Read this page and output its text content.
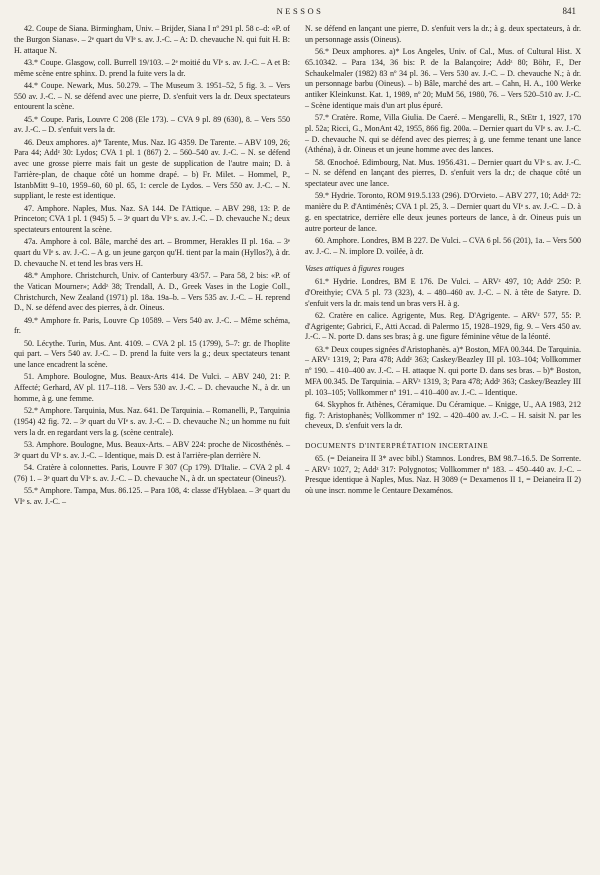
NESSOS	841

42. Coupe de Siana. Birmingham, Univ. – Brijder, Siana I nº 291 pl. 58 c–d: «P. of the Burgon Sianas». – 2ᵉ quart du VIᵉ s. av. J.-C. – A: D. chevauche N. qui fuit H. B: H. attaque N.

43.* Coupe. Glasgow, coll. Burrell 19/103. – 2ᵉ moitié du VIᵉ s. av. J.-C. – A et B: même scène entre sphinx. D. prend la fuite vers la dr.

44.* Coupe. Newark, Mus. 50.279. – The Museum 3. 1951–52, 5 fig. 3. – Vers 550 av. J.-C. – N. se défend avec une pierre, D. s'enfuit vers la dr. Deux spectateurs entourent la scène.

45.* Coupe. Paris, Louvre C 208 (Ele 173). – CVA 9 pl. 89 (630), 8. – Vers 550 av. J.-C. – D. s'enfuit vers la dr.

46. Deux amphores. a)* Tarente, Mus. Naz. IG 4359. De Tarente. – ABV 109, 26; Para 44; Addᶻ 30: Lydos; CVA 1 pl. 1 (867) 2. – 560–540 av. J.-C. – N. se défend avec une grosse pierre mais fait un geste de supplication de l'autre main; D. à l'arrière-plan, de chaque côté un homme drapé. – b) Fr. Milet. – Hommel, P., IstanbMitt 9–10, 1959–60, 60 pl. 65, 1: cercle de Lydos. – Vers 550 av. J.-C. – N. suppliant, le reste est identique.

47. Amphore. Naples, Mus. Naz. SA 144. De l'Attique. – ABV 298, 13: P. de Princeton; CVA 1 pl. 1 (945) 5. – 3ᵉ quart du VIᵉ s. av. J.-C. – D. chevauche N.; deux spectateurs entourent la scène.

47a. Amphore à col. Bâle, marché des art. – Brommer, Herakles II pl. 16a. – 3ᵉ quart du VIᵉ s. av. J.-C. – A g. un jeune garçon qu'H. tient par la main (Hyllos?), à dr. D. chevauche N. et tend les bras vers H.

48.* Amphore. Christchurch, Univ. of Canterbury 43/57. – Para 58, 2 bis: «P. of the Vatican Mourner»; Addᶻ 38; Trendall, A. D., Greek Vases in the Logie Coll., Christchurch, New Zealand (1971) pl. 18a. 19a–b. – Vers 535 av. J.-C. – H. reprend D., N. se défend avec des pierres, à dr. Oineus.

49.* Amphore fr. Paris, Louvre Cp 10589. – Vers 540 av. J.-C. – Même schéma, fr.

50. Lécythe. Turin, Mus. Ant. 4109. – CVA 2 pl. 15 (1799), 5–7: gr. de l'hoplite qui part. – Vers 540 av. J.-C. – D. prend la fuite vers la g.; deux spectateurs tenant une lance encadrent la scène.

51. Amphore. Boulogne, Mus. Beaux-Arts 414. De Vulci. – ABV 240, 21: P. Affecté; Gerhard, AV pl. 117–118. – Vers 530 av. J.-C. – D. chevauche N., à dr. un homme, à g. une femme.

52.* Amphore. Tarquinia, Mus. Naz. 641. De Tarquinia. – Romanelli, P., Tarquinia (1954) 42 fig. 72. – 3ᵉ quart du VIᵉ s. av. J.-C. – D. chevauche N.; un homme nu fuit vers la dr. en regardant vers la g. (scène centrale).

53. Amphore. Boulogne, Mus. Beaux-Arts. – ABV 224: proche de Nicosthénès. – 3ᵉ quart du VIᵉ s. av. J.-C. – Identique, mais D. est à l'arrière-plan derrière N.

54. Cratère à colonnettes. Paris, Louvre F 307 (Cp 179). D'Italie. – CVA 2 pl. 4 (76) 1. – 3ᵉ quart du VIᵉ s. av. J.-C. – D. chevauche N., à dr. un spectateur (Oineus?).

55.* Amphore. Tampa, Mus. 86.125. – Para 108, 4: classe d'Hyblaea. – 3ᵉ quart du VIᵉ s. av. J.-C. –

N. se défend en lançant une pierre, D. s'enfuit vers la dr.; à g. deux spectateurs, à dr. un personnage assis (Oineus).

56.* Deux amphores. a)* Los Angeles, Univ. of Cal., Mus. of Cultural Hist. X 65.10342. – Para 134, 36 bis: P. de la Balançoire; Addᶻ 80; Böhr, F., Der Schaukelmaler (1982) 83 nº 34 pl. 36. – Vers 530 av. J.-C. – D. chevauche N.; à dr. un personnage barbu (Oineus). – b) Bâle, marché des art. – Cahn, H. A., 100 Werke antiker Kleinkunst. Kat. 1, 1989, nº 20; MuM 56, 1980, 76. – Vers 520–510 av. J.-C. – Scène identique mais d'un art plus épuré.

57.* Cratère. Rome, Villa Giulia. De Caeré. – Mengarelli, R., StEtr 1, 1927, 170 pl. 52a; Ricci, G., MonAnt 42, 1955, 866 fig. 200a. – Dernier quart du VIᵉ s. av. J.-C. – D. chevauche N. qui se défend avec des pierres; à g. une femme tenant une lance (Athéna), à dr. Oineus et un jeune homme avec des lances.

58. Œnochoé. Edimbourg, Nat. Mus. 1956.431. – Dernier quart du VIᵉ s. av. J.-C. – N. se défend en lançant des pierres, D. s'enfuit vers la dr.; de chaque côté un spectateur avec une lance.

59.* Hydrie. Toronto, ROM 919.5.133 (296). D'Orvieto. – ABV 277, 10; Addᶻ 72: manière du P. d'Antiménès; CVA 1 pl. 25, 3. – Dernier quart du VIᵉ s. av. J.-C. – D. à g. en spectatrice, derrière elle deux jeunes porteurs de lance, à dr. Oineus puis un autre porteur de lance.

60. Amphore. Londres, BM B 227. De Vulci. – CVA 6 pl. 56 (201), 1a. – Vers 500 av. J.-C. – N. implore D. voilée, à dr.

Vases attiques à figures rouges

61.* Hydrie. Londres, BM E 176. De Vulci. – ARVᶻ 497, 10; Addᶻ 250: P. d'Oreithyie; CVA 5 pl. 73 (323), 4. – 480–460 av. J.-C. – N. à tête de Satyre. D. s'enfuit vers la dr. mais tend un bras vers H. à g.

62. Cratère en calice. Agrigente, Mus. Reg. D'Agrigente. – ARVᶻ 577, 55: P. d'Agrigente; Gabrici, F., Atti Accad. di Palermo 15, 1928–1929, fig. 9. – Vers 450 av. J.-C. – N. porte D. dans ses bras; à g. une figure féminine vêtue de la léonté.

63.* Deux coupes signées d'Aristophanès. a)* Boston, MFA 00.344. De Tarquinia. – ARVᶻ 1319, 2; Para 478; Addᶻ 363; Caskey/Beazley III pl. 103–104; Vollkommer nº 190. – 410–400 av. J.-C. – H. attaque N. qui porte D. dans ses bras. – b)* Boston, MFA 00.345. De Tarquinia. – ARVᶻ 1319, 3; Para 478; Addᶻ 363; Caskey/Beazley III pl. 103–105; Vollkommer nº 191. – 410–400 av. J.-C. – Identique.

64. Skyphos fr. Athènes, Céramique. Du Céramique. – Knigge, U., AA 1983, 212 fig. 7: Aristophanès; Vollkommer nº 192. – 420–400 av. J.-C. – H. saisit N. par les cheveux, D. s'enfuit vers la dr.

DOCUMENTS D'INTERPRÉTATION INCERTAINE

65. (= Deianeira II 3* avec bibl.) Stamnos. Londres, BM 98.7–16.5. De Sorrente. – ARVᶻ 1027, 2; Addᶻ 317: Polygnotos; Vollkommer nº 183. – 450–440 av. J.-C. – Presque identique à Naples, Mus. Naz. H 3089 (= Dexamenos II 1, = Deianeira II 2) où une inscr. nomme le Centaure Dexaménos.
